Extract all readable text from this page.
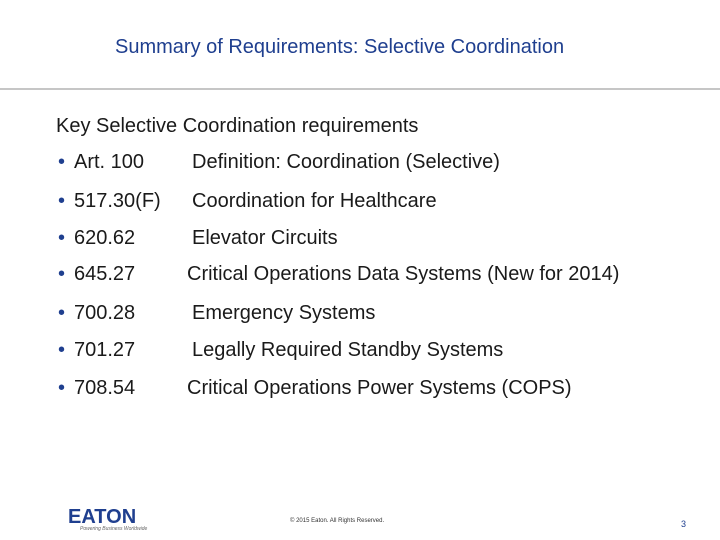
Summary of Requirements: Selective Coordination
Key Selective Coordination requirements
• Art. 100 Definition: Coordination (Selective)
• 517.30(F) Coordination for Healthcare
• 620.62	Elevator Circuits
• 645.27	Critical Operations Data Systems (New for 2014)
• 700.28	Emergency Systems
• 701.27	Legally Required Standby Systems
• 708.54	Critical Operations Power Systems (COPS)
EATON
Powering Business Worldwide
© 2015 Eaton. All Rights Reserved.	3
